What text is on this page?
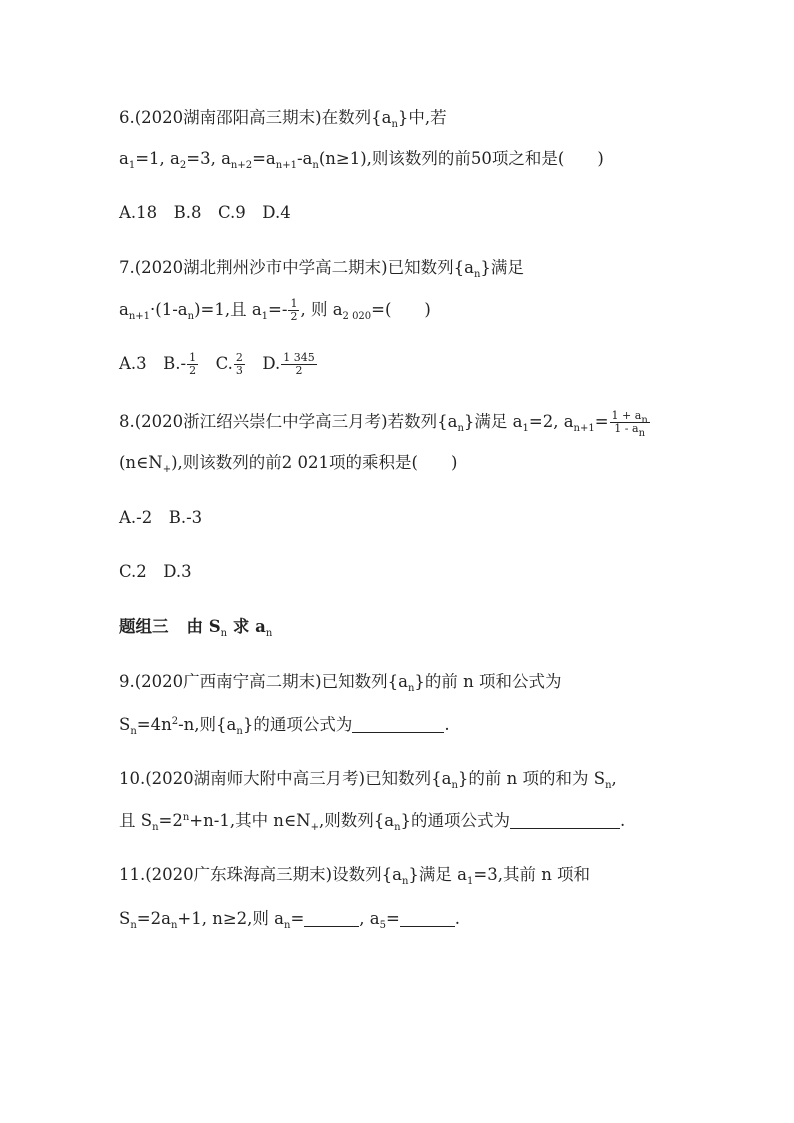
6.(2020湖南邵阳高三期末)在数列$\{a_n\}$中,若
$a_1=1$, $a_2=3$, $a_{n+2}=a_{n+1}-a_n(n\ge 1)$,则该数列的前50项之和是(　　)
A.18　B.8　C.9　D.4
7.(2020湖北荆州沙市中学高二期末)已知数列$\{a_n\}$满足
$a_{n+1}\cdot(1-a_n)=1$,且 $a_1=- \frac{1}{2}$ , 则 $a_{2 020}=$(　　)
A.3　$B.- \frac{1}{2}$ 　C. $\frac{2}{3}$ 　D. $\frac{1 345}{2}$
8.(2020浙江绍兴崇仁中学高三月考)若数列$\{a_n\}$满足 $a_1=2$, $a_{n+1}= \frac{1 + a_n}{1 - a_n}$
$(n\in N_+)$,则该数列的前2 021项的乘积是(　　)
A.-2　B.-3
C.2　D.3
题组三 由 $S_n$ 求 $a_n$
9.(2020广西南宁高二期末)已知数列$\{a_n\}$的前 n 项和公式为
$S_n=4n^2-n$,则$\{a_n\}$的通项公式为	.
10.(2020湖南师大附中高三月考)已知数列$\{a_n\}$的前 n 项的和为 $S_n$,
且 $S_n=2^n+n-1$,其中 $n\in N_+$,则数列$\{a_n\}$的通项公式为	.
11.(2020广东珠海高三期末)设数列$\{a_n\}$满足 $a_1=3$,其前 n 项和
$S_n=2a_n+1$, n≥2,则 $a_n=$	, $a_5=$	.
